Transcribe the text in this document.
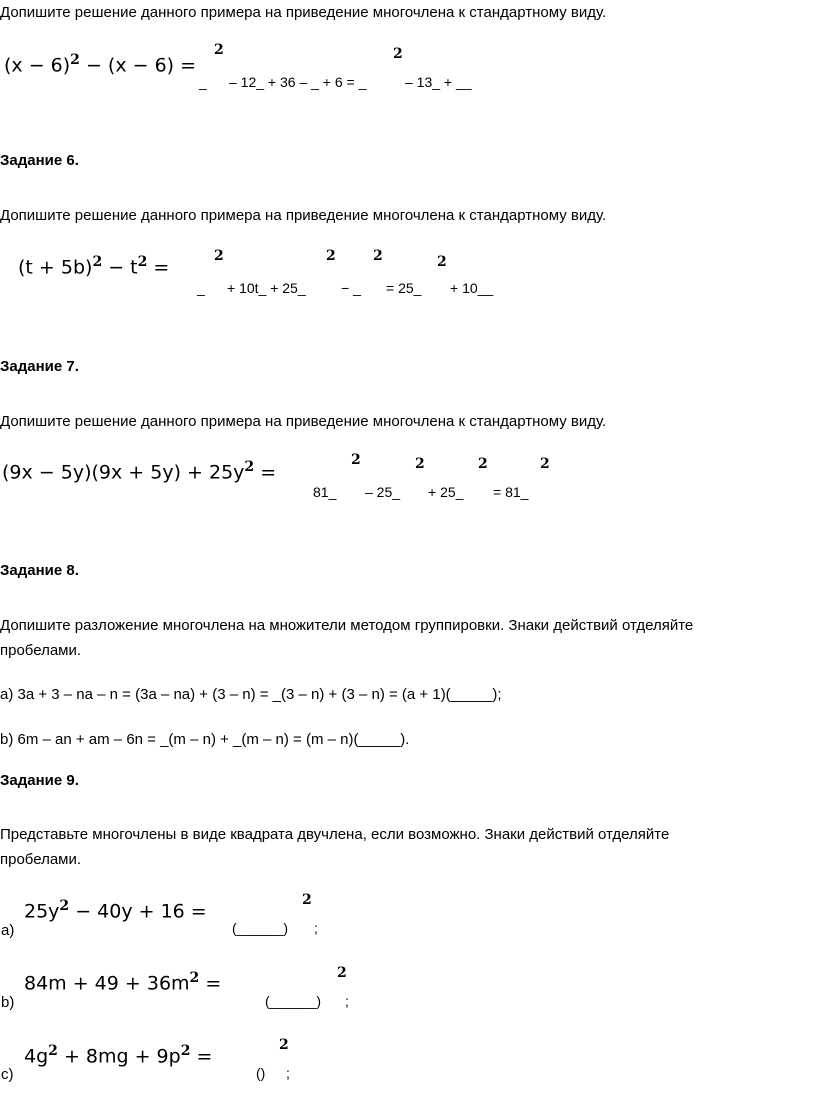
Допишите решение данного примера на приведение многочлена к стандартному виду.
$(x - 6)^2 - (x - 6)$ =
2	2
_ – 12_ + 36 – _ + 6 = _	– 13_ + __
Задание 6.
Допишите решение данного примера на приведение многочлена к стандартному виду.
$(t + 5b)^2 - t^2$ =
2	2	2	2
_ + 10t_ + 25_	− _ = 25_ + 10__
Задание 7.
Допишите решение данного примера на приведение многочлена к стандартному виду.
$(9x - 5y)(9x + 5y) + 25y^2$ =
2	2	2	2
81_ – 25_ + 25_ = 81_
Задание 8.
Допишите разложение многочлена на множители методом группировки. Знаки действий отделяйте
пробелами.
a) 3a + 3 – na – n = (3a – na) + (3 – n) = _(3 – n) + (3 – n) = (a + 1)(_____);
b) 6m – an + am – 6n = _(m – n) + _(m – n) = (m – n)(_____).
Задание 9.
Представьте многочлены в виде квадрата двучлена, если возможно. Знаки действий отделяйте
пробелами.
$25y^2 - 40y + 16$ =
2
a)	(______) ;
$84m + 49 + 36m^2$ =	2
b)	(______) ;
$4g^2 + 8mg + 9p^2$ =
2
c)	() ;
